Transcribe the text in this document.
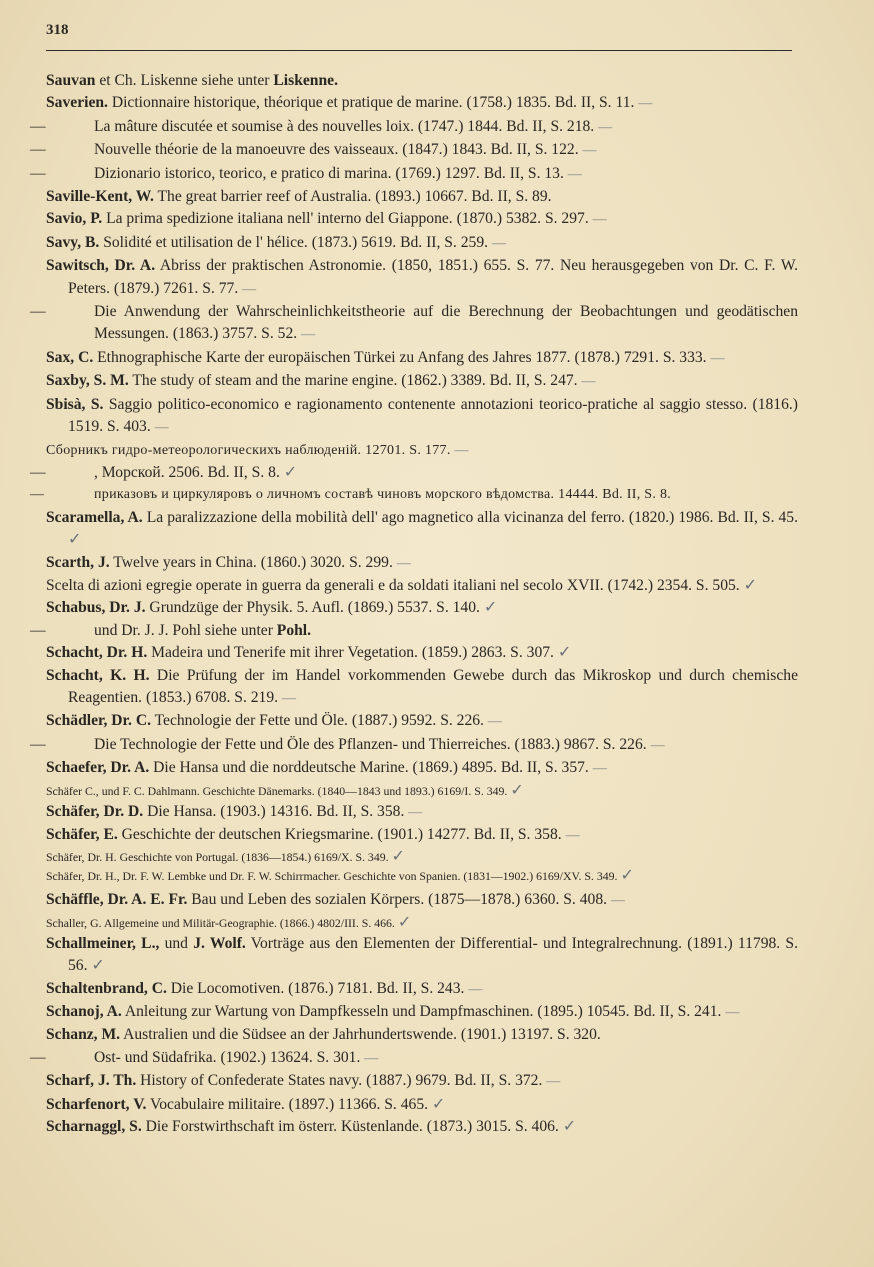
318

Sauvan et Ch. Liskenne siehe unter Liskenne.

Saverien. Dictionnaire historique, théorique et pratique de marine. (1758.) 1835. Bd. II, S. 11. —

—	La mâture discutée et soumise à des nouvelles loix. (1747.) 1844. Bd. II, S. 218. —

—	Nouvelle théorie de la manoeuvre des vaisseaux. (1847.) 1843. Bd. II, S. 122. —

—	Dizionario istorico, teorico, e pratico di marina. (1769.) 1297. Bd. II, S. 13. —

Saville-Kent, W. The great barrier reef of Australia. (1893.) 10667. Bd. II, S. 89.

Savio, P. La prima spedizione italiana nell' interno del Giappone. (1870.) 5382. S. 297. —

Savy, B. Solidité et utilisation de l' hélice. (1873.) 5619. Bd. II, S. 259. —

Sawitsch, Dr. A. Abriss der praktischen Astronomie. (1850, 1851.) 655. S. 77. Neu herausgegeben von Dr. C. F. W. Peters. (1879.) 7261. S. 77. —

—	Die Anwendung der Wahrscheinlichkeitstheorie auf die Berechnung der Beobachtungen und geodätischen Messungen. (1863.) 3757. S. 52. —

Sax, C. Ethnographische Karte der europäischen Türkei zu Anfang des Jahres 1877. (1878.) 7291. S. 333. —

Saxby, S. M. The study of steam and the marine engine. (1862.) 3389. Bd. II, S. 247. —

Sbisà, S. Saggio politico-economico e ragionamento contenente annotazioni teorico-pratiche al saggio stesso. (1816.) 1519. S. 403. —

Сборникъ гидро-метеорологическихъ наблюденій. 12701. S. 177. —

—	, Морской. 2506. Bd. II, S. 8. ✓

—	приказовъ и циркуляровъ о личномъ составѣ чиновъ морского вѣдомства. 14444. Bd. II, S. 8.

Scaramella, A. La paralizzazione della mobilità dell' ago magnetico alla vicinanza del ferro. (1820.) 1986. Bd. II, S. 45. ✓

Scarth, J. Twelve years in China. (1860.) 3020. S. 299. —

Scelta di azioni egregie operate in guerra da generali e da soldati italiani nel secolo XVII. (1742.) 2354. S. 505. ✓

Schabus, Dr. J. Grundzüge der Physik. 5. Aufl. (1869.) 5537. S. 140. ✓

—	und Dr. J. J. Pohl siehe unter Pohl.

Schacht, Dr. H. Madeira und Tenerife mit ihrer Vegetation. (1859.) 2863. S. 307. ✓

Schacht, K. H. Die Prüfung der im Handel vorkommenden Gewebe durch das Mikroskop und durch chemische Reagentien. (1853.) 6708. S. 219. —

Schädler, Dr. C. Technologie der Fette und Öle. (1887.) 9592. S. 226. —

—	Die Technologie der Fette und Öle des Pflanzen- und Thierreiches. (1883.) 9867. S. 226. —

Schaefer, Dr. A. Die Hansa und die norddeutsche Marine. (1869.) 4895. Bd. II, S. 357. —

Schäfer C., und F. C. Dahlmann. Geschichte Dänemarks. (1840—1843 und 1893.) 6169/I. S. 349. ✓

Schäfer, Dr. D. Die Hansa. (1903.) 14316. Bd. II, S. 358. —

Schäfer, E. Geschichte der deutschen Kriegsmarine. (1901.) 14277. Bd. II, S. 358. —

Schäfer, Dr. H. Geschichte von Portugal. (1836—1854.) 6169/X. S. 349. ✓

Schäfer, Dr. H., Dr. F. W. Lembke und Dr. F. W. Schirrmacher. Geschichte von Spanien. (1831—1902.) 6169/XV. S. 349. ✓

Schäffle, Dr. A. E. Fr. Bau und Leben des sozialen Körpers. (1875—1878.) 6360. S. 408. —

Schaller, G. Allgemeine und Militär-Geographie. (1866.) 4802/III. S. 466. ✓

Schallmeiner, L., und J. Wolf. Vorträge aus den Elementen der Differential- und Integralrechnung. (1891.) 11798. S. 56. ✓

Schaltenbrand, C. Die Locomotiven. (1876.) 7181. Bd. II, S. 243. —

Schanoj, A. Anleitung zur Wartung von Dampfkesseln und Dampfmaschinen. (1895.) 10545. Bd. II, S. 241. —

Schanz, M. Australien und die Südsee an der Jahrhundertswende. (1901.) 13197. S. 320.

—	Ost- und Südafrika. (1902.) 13624. S. 301. —

Scharf, J. Th. History of Confederate States navy. (1887.) 9679. Bd. II, S. 372. —

Scharfenort, V. Vocabulaire militaire. (1897.) 11366. S. 465. ✓

Scharnaggl, S. Die Forstwirthschaft im österr. Küstenlande. (1873.) 3015. S. 406. ✓
